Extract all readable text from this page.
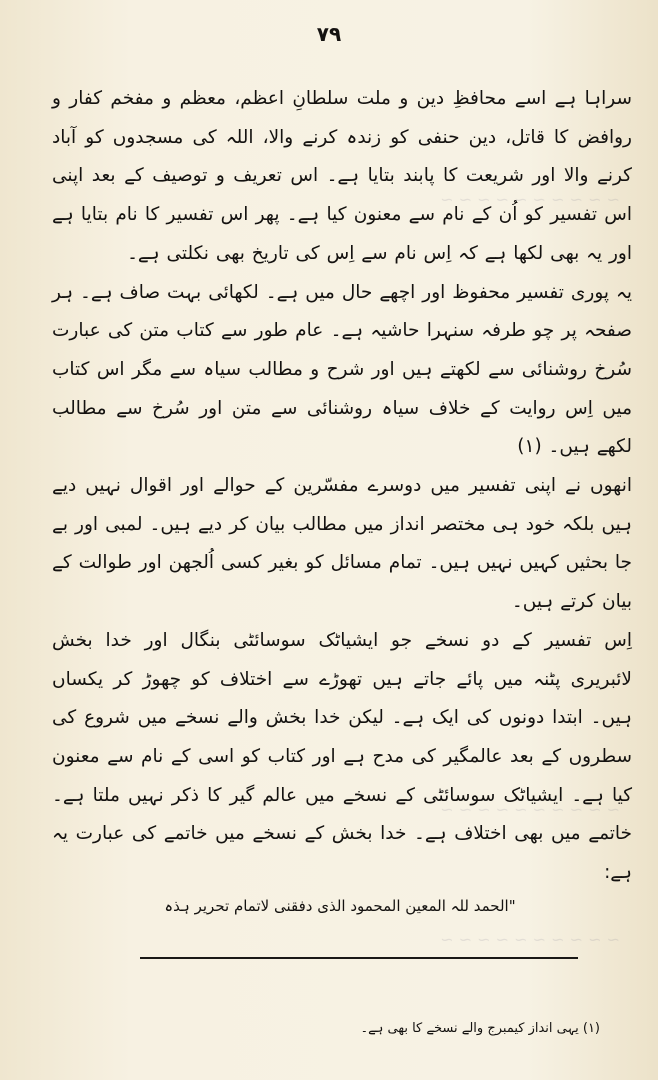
~ ~ ~ ~ ~ ~ ~ ~ ~ ~
~ ~ ~ ~ ~ ~ ~ ~ ~ ~
~ ~ ~ ~ ~ ~ ~ ~ ~ ~
۷۹

سراہا ہے اسے محافظِ دین و ملت سلطانِ اعظم، معظم و مفخم کفار و روافض کا قاتل، دین حنفی کو زندہ کرنے والا، اللہ کی مسجدوں کو آباد کرنے والا اور شریعت کا پابند بتایا ہے۔ اس تعریف و توصیف کے بعد اپنی اس تفسیر کو اُن کے نام سے معنون کیا ہے۔ پھر اس تفسیر کا نام بتایا ہے اور یہ بھی لکھا ہے کہ اِس نام سے اِس کی تاریخ بھی نکلتی ہے۔

یہ پوری تفسیر محفوظ اور اچھے حال میں ہے۔ لکھائی بہت صاف ہے۔ ہر صفحہ پر چو طرفہ سنہرا حاشیہ ہے۔ عام طور سے کتاب متن کی عبارت سُرخ روشنائی سے لکھتے ہیں اور شرح و مطالب سیاہ سے مگر اس کتاب میں اِس روایت کے خلاف سیاہ روشنائی سے متن اور سُرخ سے مطالب لکھے ہیں۔ (۱)

انھوں نے اپنی تفسیر میں دوسرے مفسّرین کے حوالے اور اقوال نہیں دیے ہیں بلکہ خود ہی مختصر انداز میں مطالب بیان کر دیے ہیں۔ لمبی اور بے جا بحثیں کہیں نہیں ہیں۔ تمام مسائل کو بغیر کسی اُلجھن اور طوالت کے بیان کرتے ہیں۔

اِس تفسیر کے دو نسخے جو ایشیاٹک سوسائٹی بنگال اور خدا بخش لائبریری پٹنہ میں پائے جاتے ہیں تھوڑے سے اختلاف کو چھوڑ کر یکساں ہیں۔ ابتدا دونوں کی ایک ہے۔ لیکن خدا بخش والے نسخے میں شروع کی سطروں کے بعد عالمگیر کی مدح ہے اور کتاب کو اسی کے نام سے معنون کیا ہے۔ ایشیاٹک سوسائٹی کے نسخے میں عالم گیر کا ذکر نہیں ملتا ہے۔ خاتمے میں بھی اختلاف ہے۔ خدا بخش کے نسخے میں خاتمے کی عبارت یہ ہے:

"الحمد للہ المعین المحمود الذی دفقنی لاتمام تحریر ہذہ
(۱) یہی انداز کیمبرج والے نسخے کا بھی ہے۔
